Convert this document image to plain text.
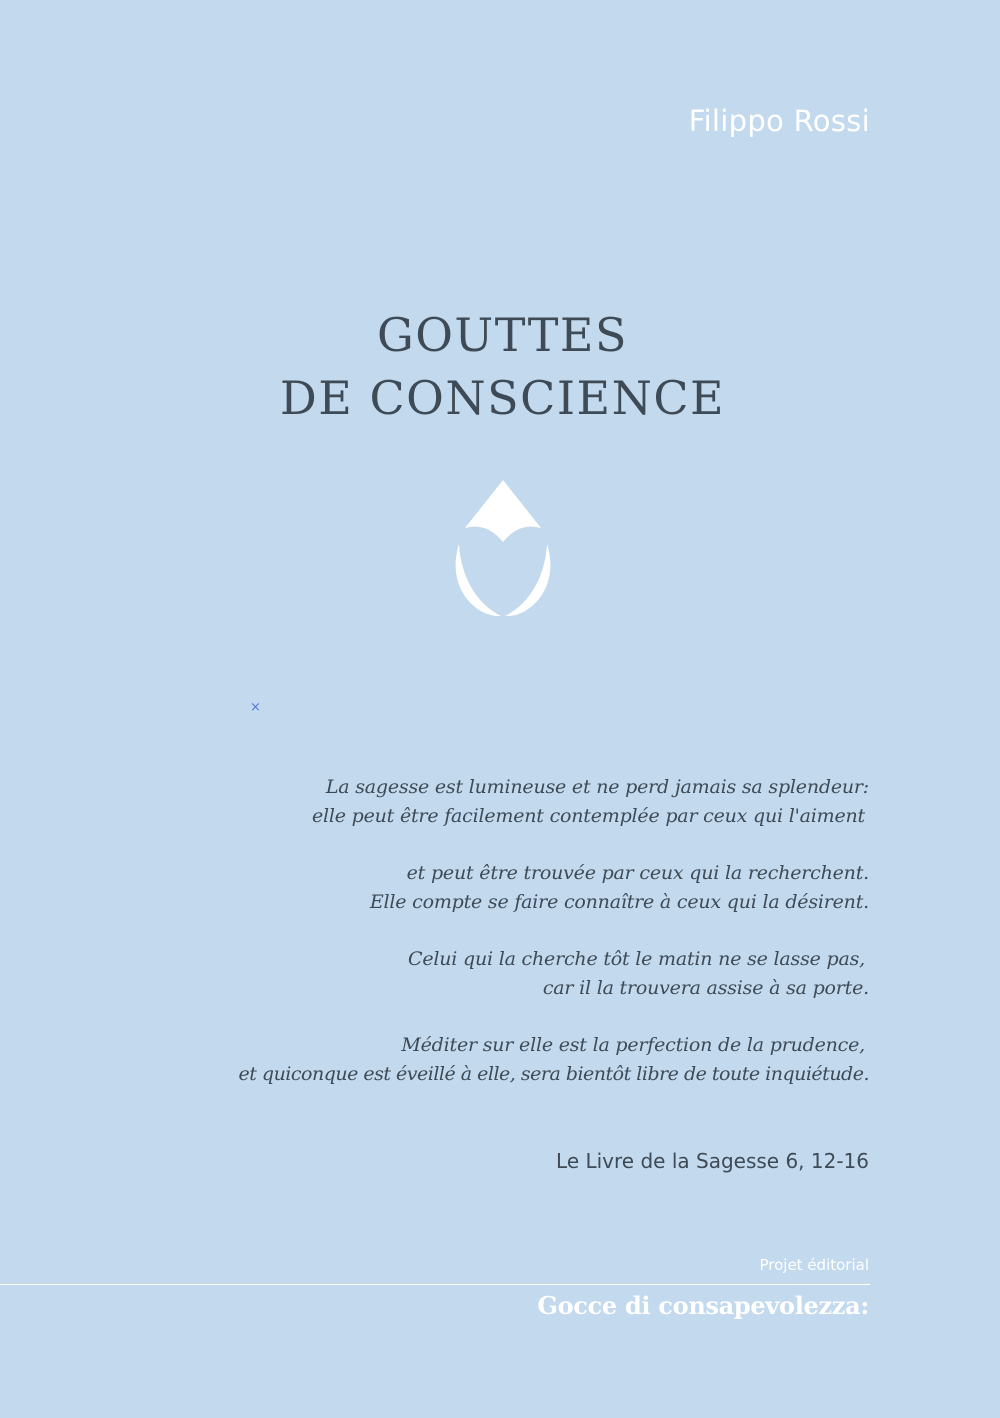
Filippo Rossi
GOUTTES
DE CONSCIENCE
×
La sagesse est lumineuse et ne perd jamais sa splendeur:
elle peut être facilement contemplée par ceux qui l'aiment
et peut être trouvée par ceux qui la recherchent.
Elle compte se faire connaître à ceux qui la désirent.
Celui qui la cherche tôt le matin ne se lasse pas,
car il la trouvera assise à sa porte.
Méditer sur elle est la perfection de la prudence,
et quiconque est éveillé à elle, sera bientôt libre de toute inquiétude.
Le Livre de la Sagesse 6, 12-16
Projet éditorial
Gocce di consapevolezza:
